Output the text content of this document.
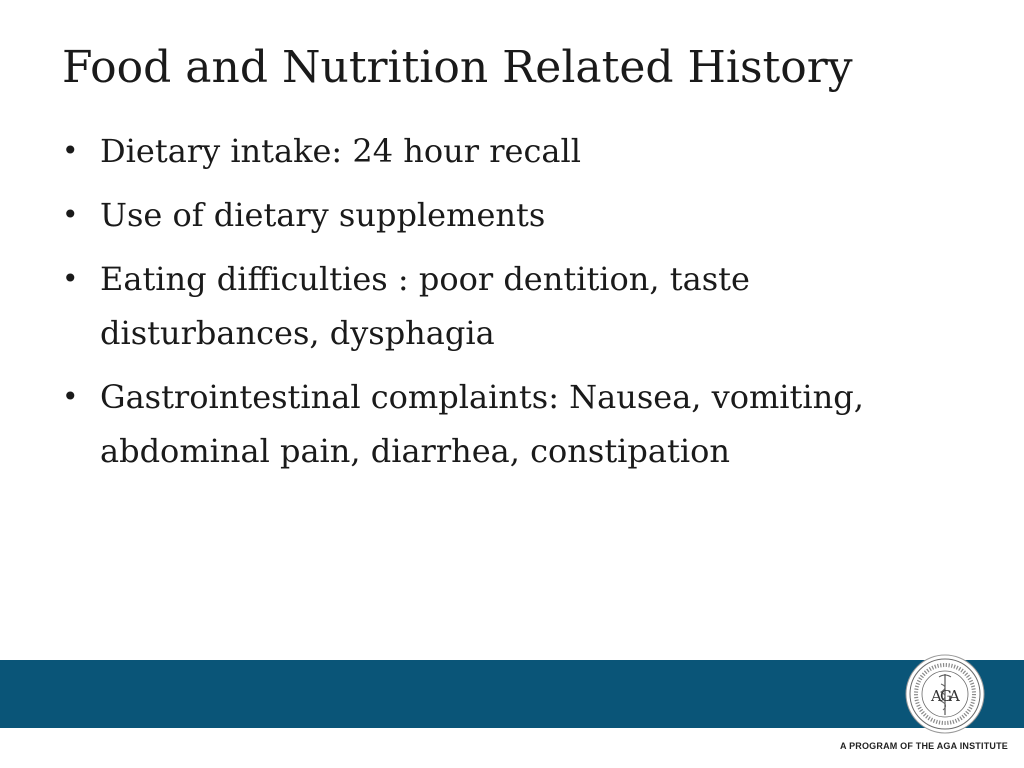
Food and Nutrition Related History
• Dietary intake: 24 hour recall
• Use of dietary supplements
• Eating difficulties : poor dentition, taste disturbances, dysphagia
• Gastrointestinal complaints: Nausea, vomiting, abdominal pain, diarrhea, constipation
A
G
A
A PROGRAM OF THE AGA INSTITUTE
